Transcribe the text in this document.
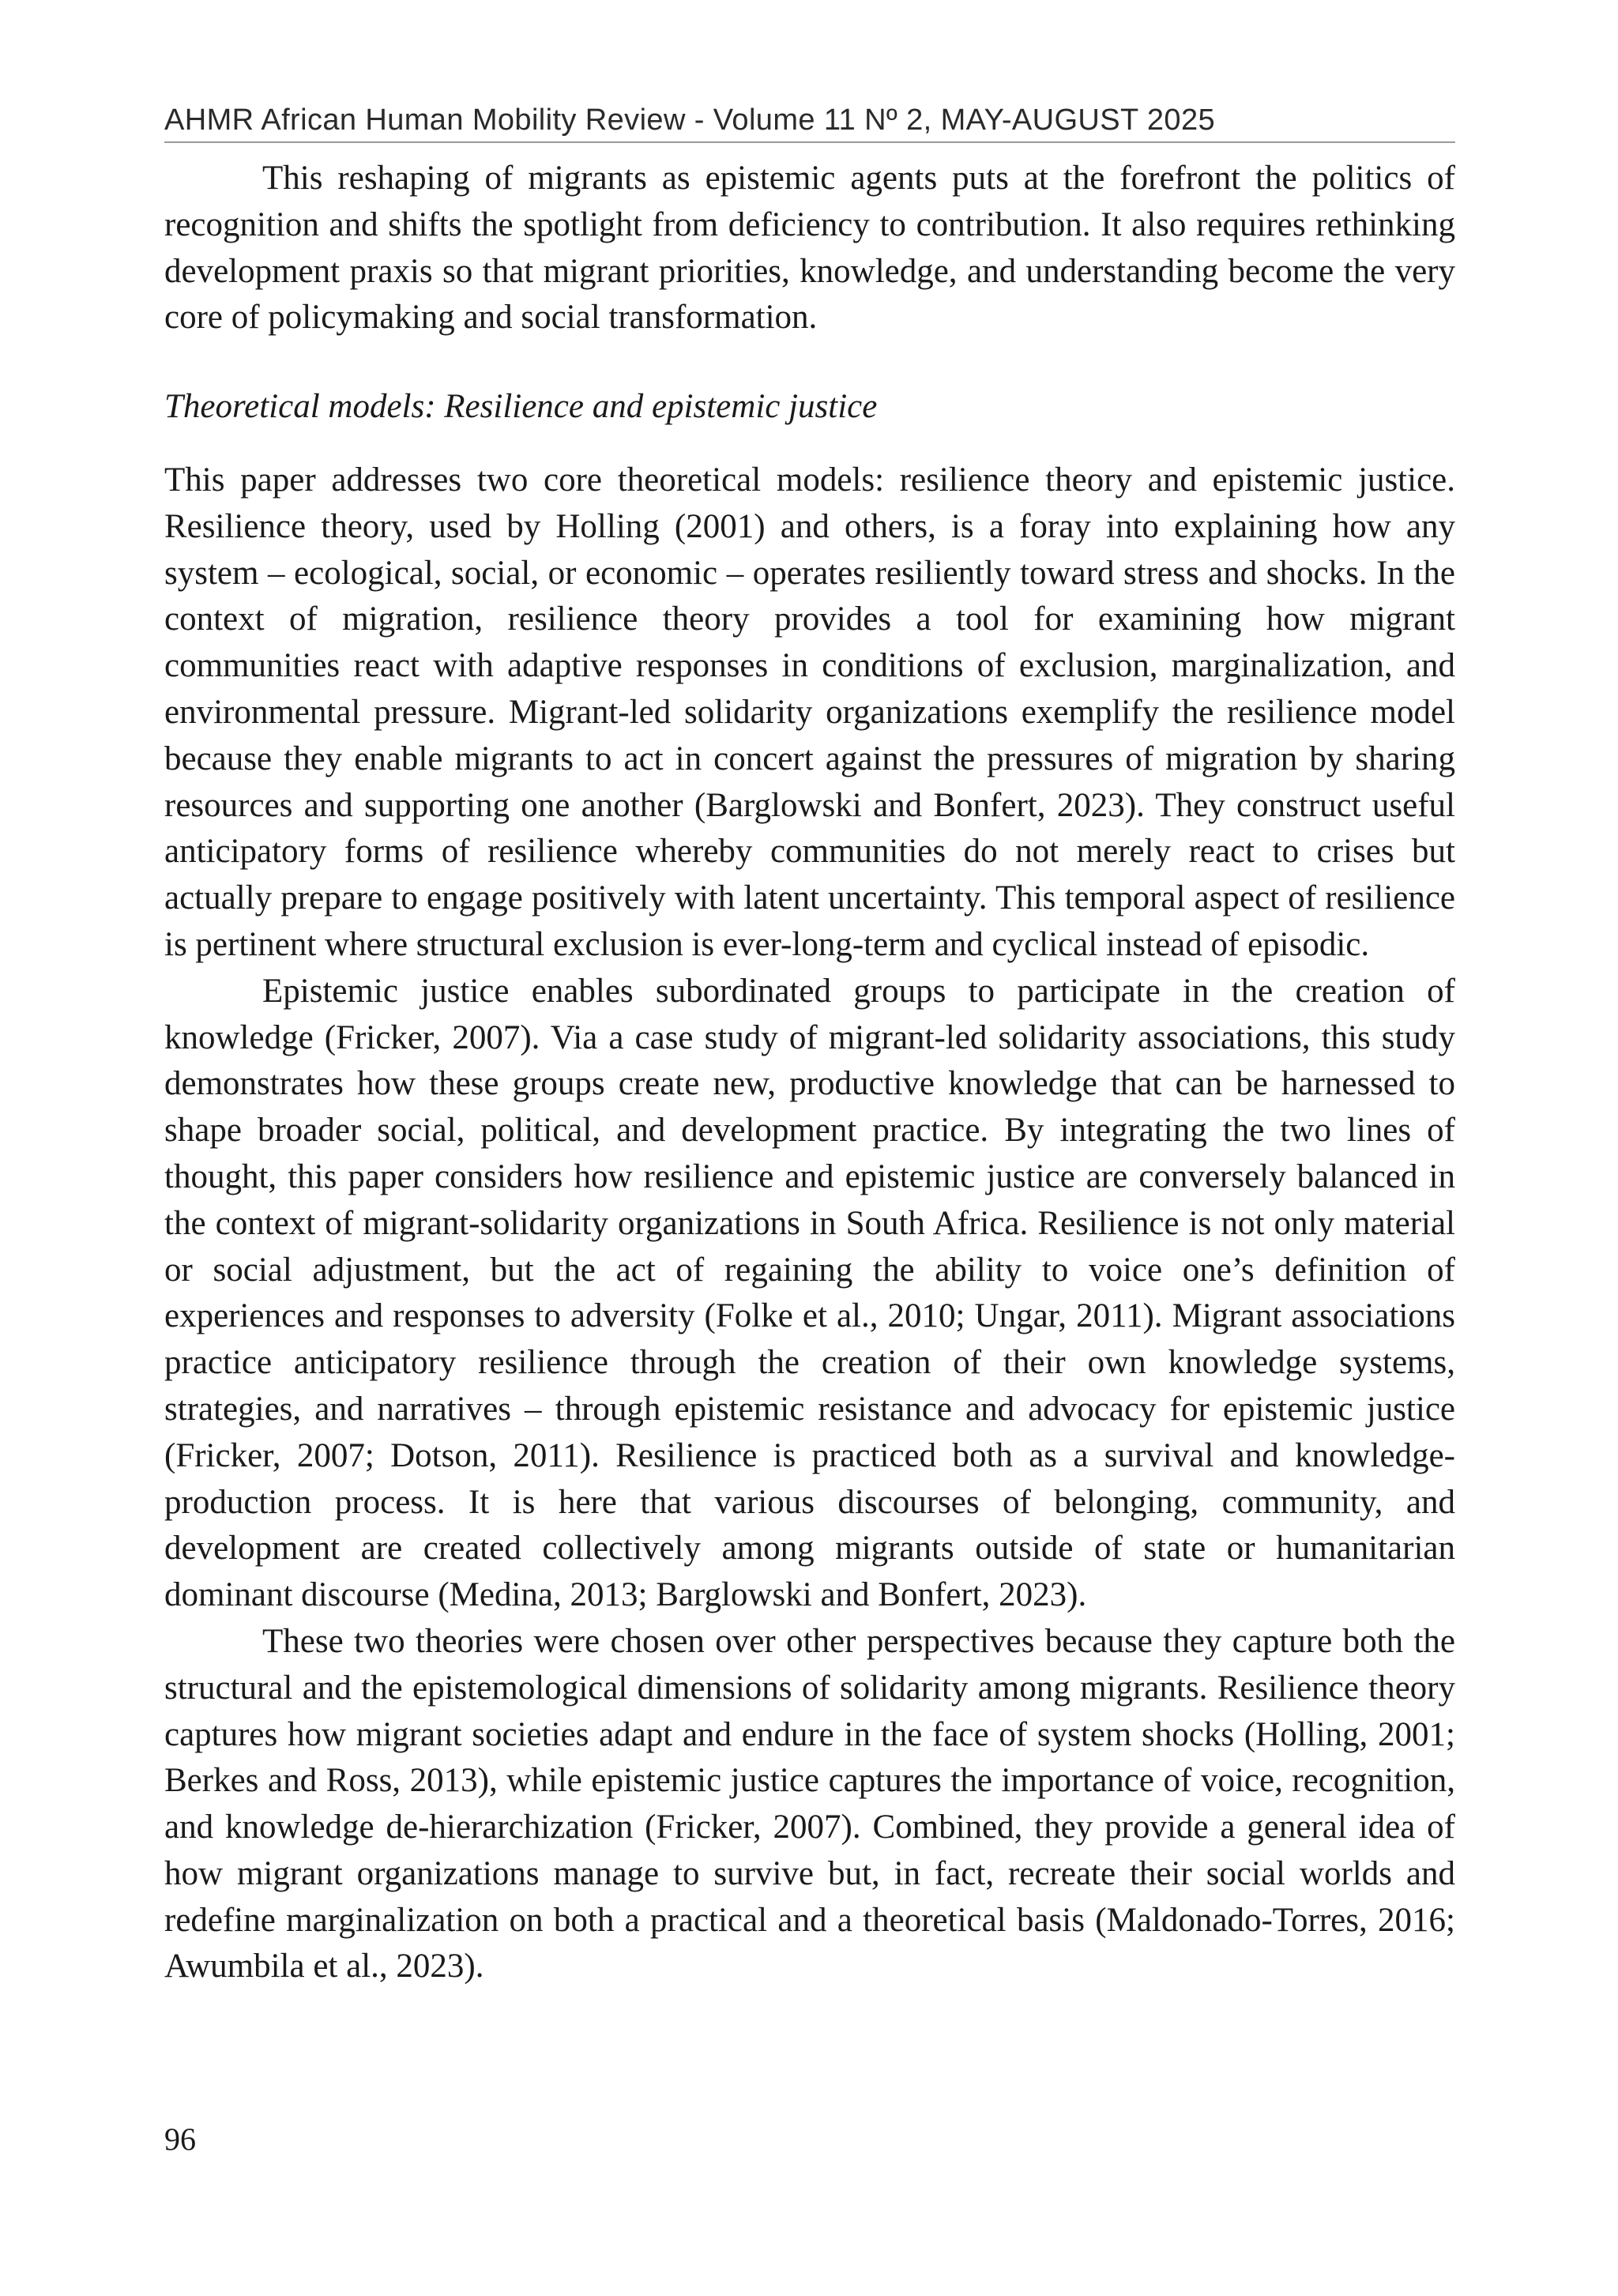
AHMR African Human Mobility Review - Volume 11 Nº 2, MAY-AUGUST 2025

This reshaping of migrants as epistemic agents puts at the forefront the politics of recognition and shifts the spotlight from deficiency to contribution. It also requires rethinking development praxis so that migrant priorities, knowledge, and understanding become the very core of policymaking and social transformation.

Theoretical models: Resilience and epistemic justice

This paper addresses two core theoretical models: resilience theory and epistemic justice. Resilience theory, used by Holling (2001) and others, is a foray into explaining how any system – ecological, social, or economic – operates resiliently toward stress and shocks. In the context of migration, resilience theory provides a tool for examining how migrant communities react with adaptive responses in conditions of exclusion, marginalization, and environmental pressure. Migrant-led solidarity organizations exemplify the resilience model because they enable migrants to act in concert against the pressures of migration by sharing resources and supporting one another (Barglowski and Bonfert, 2023). They construct useful anticipatory forms of resilience whereby communities do not merely react to crises but actually prepare to engage positively with latent uncertainty. This temporal aspect of resilience is pertinent where structural exclusion is ever-long-term and cyclical instead of episodic.

Epistemic justice enables subordinated groups to participate in the creation of knowledge (Fricker, 2007). Via a case study of migrant-led solidarity associations, this study demonstrates how these groups create new, productive knowledge that can be harnessed to shape broader social, political, and development practice. By integrating the two lines of thought, this paper considers how resilience and epistemic justice are conversely balanced in the context of migrant-solidarity organizations in South Africa. Resilience is not only material or social adjustment, but the act of regaining the ability to voice one’s definition of experiences and responses to adversity (Folke et al., 2010; Ungar, 2011). Migrant associations practice anticipatory resilience through the creation of their own knowledge systems, strategies, and narratives – through epistemic resistance and advocacy for epistemic justice (Fricker, 2007; Dotson, 2011). Resilience is practiced both as a survival and knowledge-production process. It is here that various discourses of belonging, community, and development are created collectively among migrants outside of state or humanitarian dominant discourse (Medina, 2013; Barglowski and Bonfert, 2023).

These two theories were chosen over other perspectives because they capture both the structural and the epistemological dimensions of solidarity among migrants. Resilience theory captures how migrant societies adapt and endure in the face of system shocks (Holling, 2001; Berkes and Ross, 2013), while epistemic justice captures the importance of voice, recognition, and knowledge de-hierarchization (Fricker, 2007). Combined, they provide a general idea of how migrant organizations manage to survive but, in fact, recreate their social worlds and redefine marginalization on both a practical and a theoretical basis (Maldonado-Torres, 2016; Awumbila et al., 2023).

96
